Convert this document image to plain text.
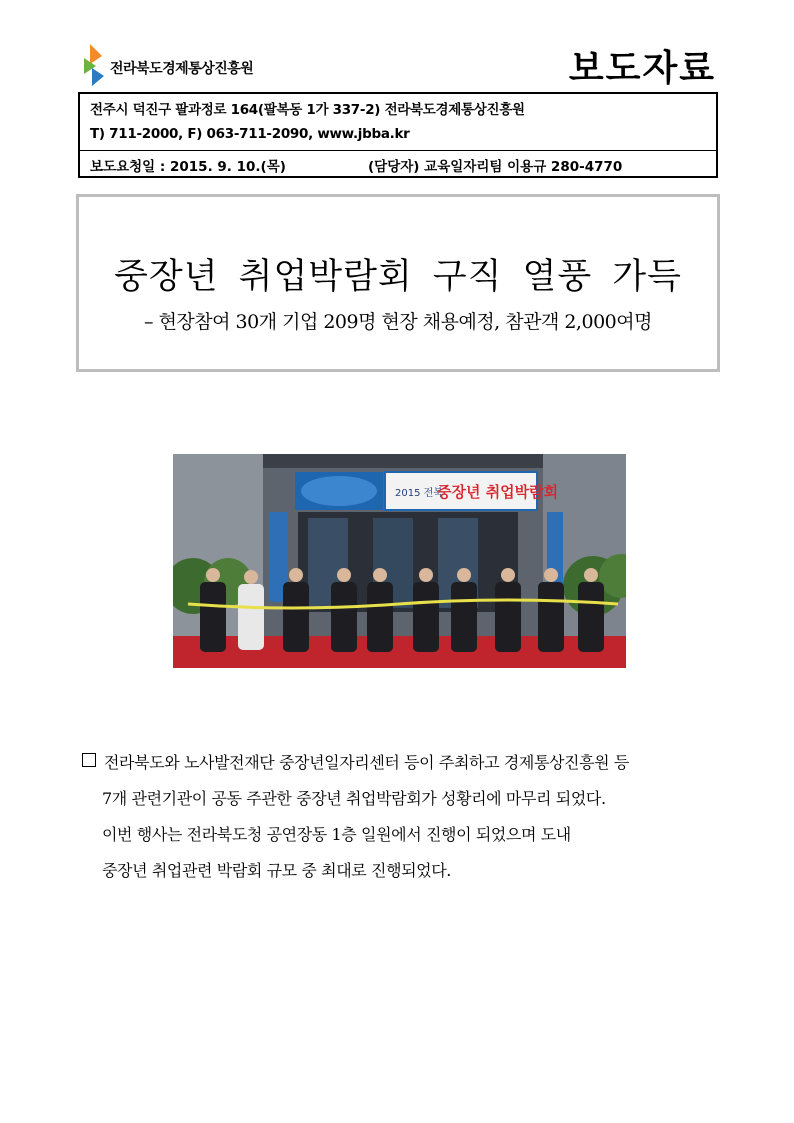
전라북도경제통상진흥원	보도자료
전주시 덕진구 팔과정로 164(팔복동 1가 337-2) 전라북도경제통상진흥원
T) 711-2000, F) 063-711-2090, www.jbba.kr
보도요청일 : 2015. 9. 10.(목)	(담당자) 교육일자리팀 이용규 280-4770
중장년 취업박람회 구직 열풍 가득
– 현장참여 30개 기업 209명 현장 채용예정, 참관객 2,000여명
2015 전북
중장년 취업박람회
전라북도와 노사발전재단 중장년일자리센터 등이 주최하고 경제통상진흥원 등
7개 관련기관이 공동 주관한 중장년 취업박람회가 성황리에 마무리 되었다.
이번 행사는 전라북도청 공연장동 1층 일원에서 진행이 되었으며 도내
중장년 취업관련 박람회 규모 중 최대로 진행되었다.
